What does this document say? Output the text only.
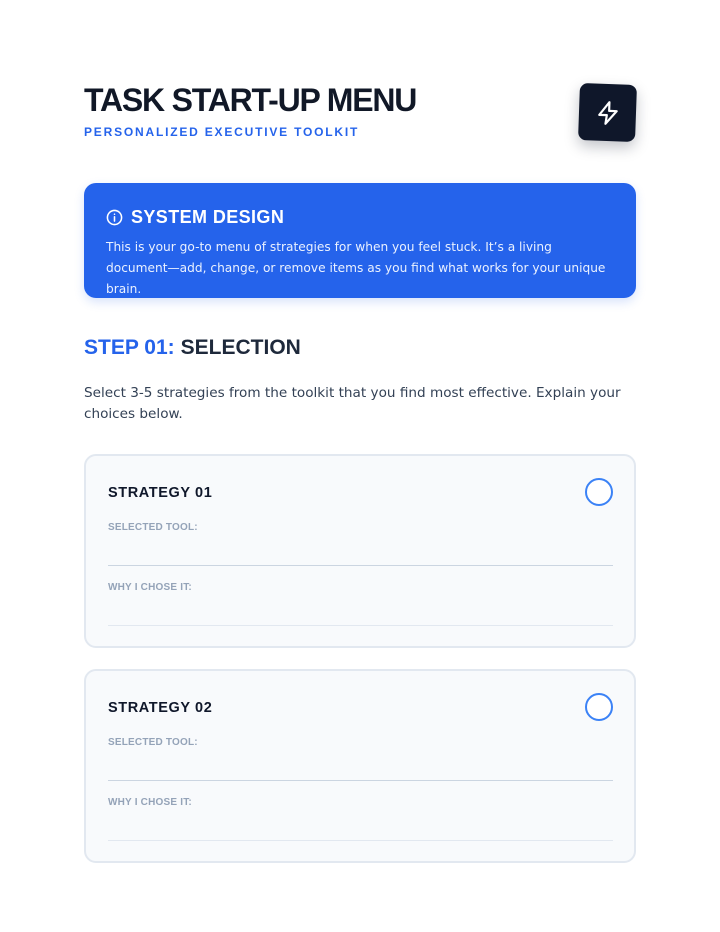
TASK START-UP MENU
PERSONALIZED EXECUTIVE TOOLKIT
SYSTEM DESIGN
This is your go-to menu of strategies for when you feel stuck. It’s a living document—add, change, or remove items as you find what works for your unique brain.
STEP 01: SELECTION
Select 3-5 strategies from the toolkit that you find most effective. Explain your choices below.
STRATEGY 01
SELECTED TOOL:
WHY I CHOSE IT:
STRATEGY 02
SELECTED TOOL:
WHY I CHOSE IT:
